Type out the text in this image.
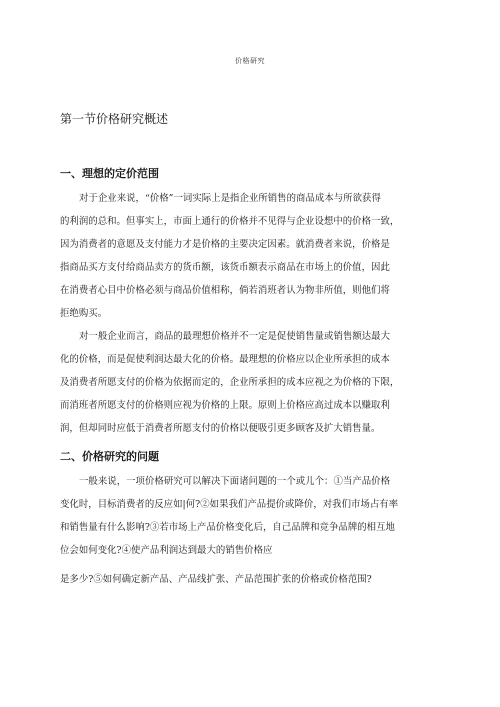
价格研究
第一节价格研究概述
一、理想的定价范围

对于企业来说，“价格”一词实际上是指企业所销售的商品成本与所欲获得
的利润的总和。但事实上，市面上通行的价格并不见得与企业设想中的价格一致，
因为消费者的意愿及支付能力才是价格的主要决定因素。就消费者来说，价格是
指商品买方支付给商品卖方的货币额，该货币额表示商品在市场上的价值，因此
在消费者心目中价格必须与商品价值相称，倘若消班者认为物非所值，则他们将
拒绝购买。

对一般企业而言，商品的最理想价格并不一定是促使销售量或销售额达最大
化的价格，而是促使利润达最大化的价格。最理想的价格应以企业所承担的成本
及消费者所愿支付的价格为依据而定的，企业所承担的成本应视之为价格的下限，
而消班者所愿支付的价格则应视为价格的上限。原则上价格应高过成本以赚取利
润，但却同时应低于消费者所愿支付的价格以便吸引更多顾客及扩大销售量。

二、价格研究的问题

一般来说，一项价格研究可以解决下面诸问题的一个或儿个：①当产品价格
变化时，目标消费者的反应如|何?②如果我们产品提价或降价，对我们市场占有率
和销售量有什么影响?③若市场上产品价格变化后，自己品牌和竞争品牌的相互地
位会如何变化?④使产品利润达到最大的销售价格应
是多少?⑤如何确定新产品、产品线扩张、产品范围扩张的价格或价格范围?
